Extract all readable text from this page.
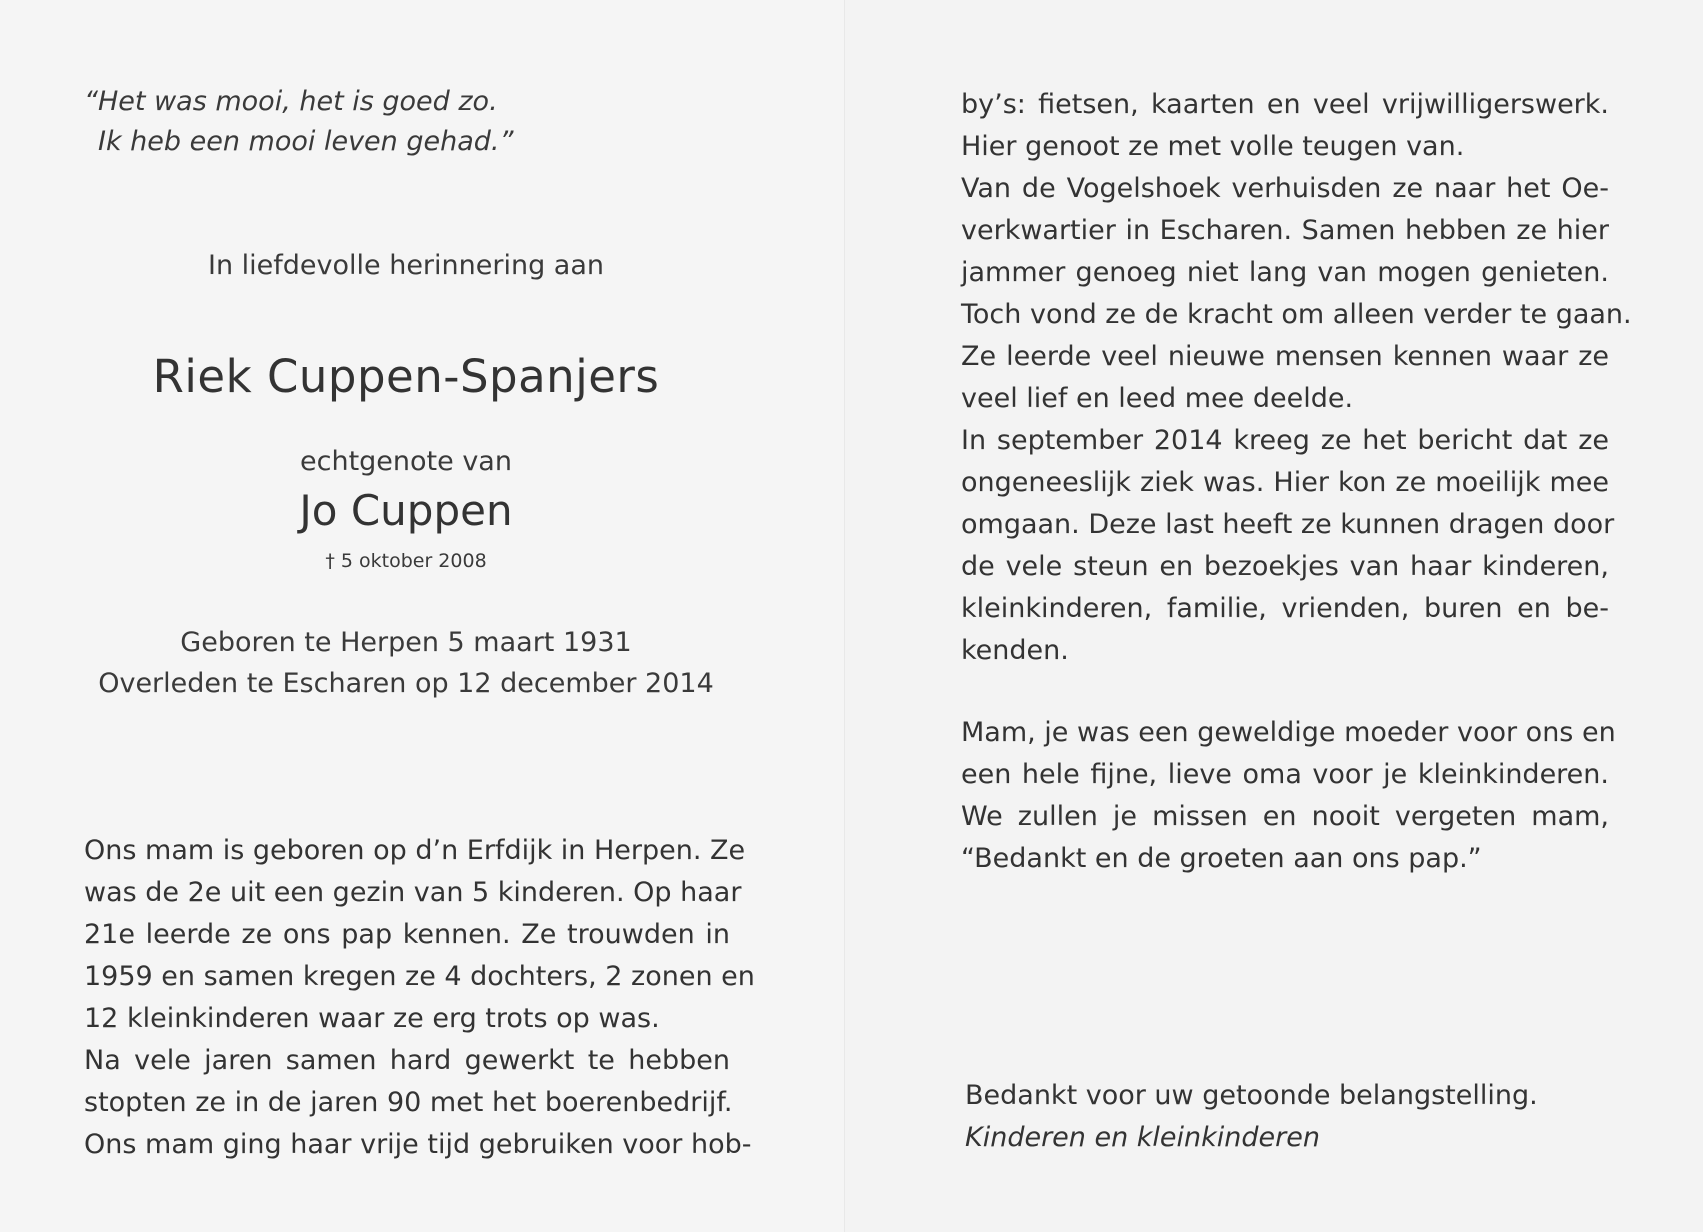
“Het was mooi, het is goed zo.
Ik heb een mooi leven gehad.”
In liefdevolle herinnering aan
Riek Cuppen-Spanjers
echtgenote van
Jo Cuppen
† 5 oktober 2008
Geboren te Herpen 5 maart 1931
Overleden te Escharen op 12 december 2014
Ons mam is geboren op d’n Erfdijk in Herpen. Ze
was de 2e uit een gezin van 5 kinderen. Op haar
21e leerde ze ons pap kennen. Ze trouwden in
1959 en samen kregen ze 4 dochters, 2 zonen en
12 kleinkinderen waar ze erg trots op was.
Na vele jaren samen hard gewerkt te hebben
stopten ze in de jaren 90 met het boerenbedrijf.
Ons mam ging haar vrije tijd gebruiken voor hob-
by’s: fietsen, kaarten en veel vrijwilligerswerk.
Hier genoot ze met volle teugen van.
Van de Vogelshoek verhuisden ze naar het Oe-
verkwartier in Escharen. Samen hebben ze hier
jammer genoeg niet lang van mogen genieten.
Toch vond ze de kracht om alleen verder te gaan.
Ze leerde veel nieuwe mensen kennen waar ze
veel lief en leed mee deelde.
In september 2014 kreeg ze het bericht dat ze
ongeneeslijk ziek was. Hier kon ze moeilijk mee
omgaan. Deze last heeft ze kunnen dragen door
de vele steun en bezoekjes van haar kinderen,
kleinkinderen, familie, vrienden, buren en be-
kenden.
Mam, je was een geweldige moeder voor ons en
een hele fijne, lieve oma voor je kleinkinderen.
We zullen je missen en nooit vergeten mam,
“Bedankt en de groeten aan ons pap.”
Bedankt voor uw getoonde belangstelling.
Kinderen en kleinkinderen
